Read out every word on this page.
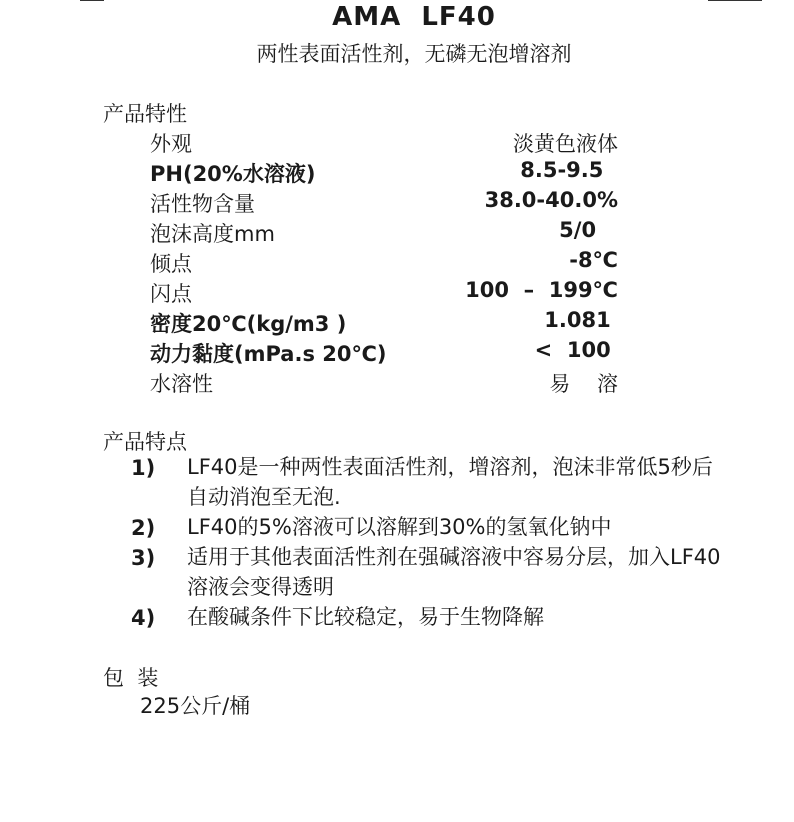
AMA  LF40
两性表面活性剂，无磷无泡增溶剂
产品特性
外观	淡黄色液体
PH(20%水溶液)	8.5-9.5
活性物含量	38.0-40.0%
泡沫高度mm	5/0
倾点	-8℃
闪点	100  –  199℃
密度20℃(kg/m3 )	1.081
动力黏度(mPa.s 20℃)	<  100
水溶性	易    溶
产品特点
1) LF40是一种两性表面活性剂，增溶剂，泡沫非常低5秒后自动消泡至无泡.
2) LF40的5%溶液可以溶解到30%的氢氧化钠中
3) 适用于其他表面活性剂在强碱溶液中容易分层，加入LF40溶液会变得透明
4) 在酸碱条件下比较稳定，易于生物降解
包  装
225公斤/桶
